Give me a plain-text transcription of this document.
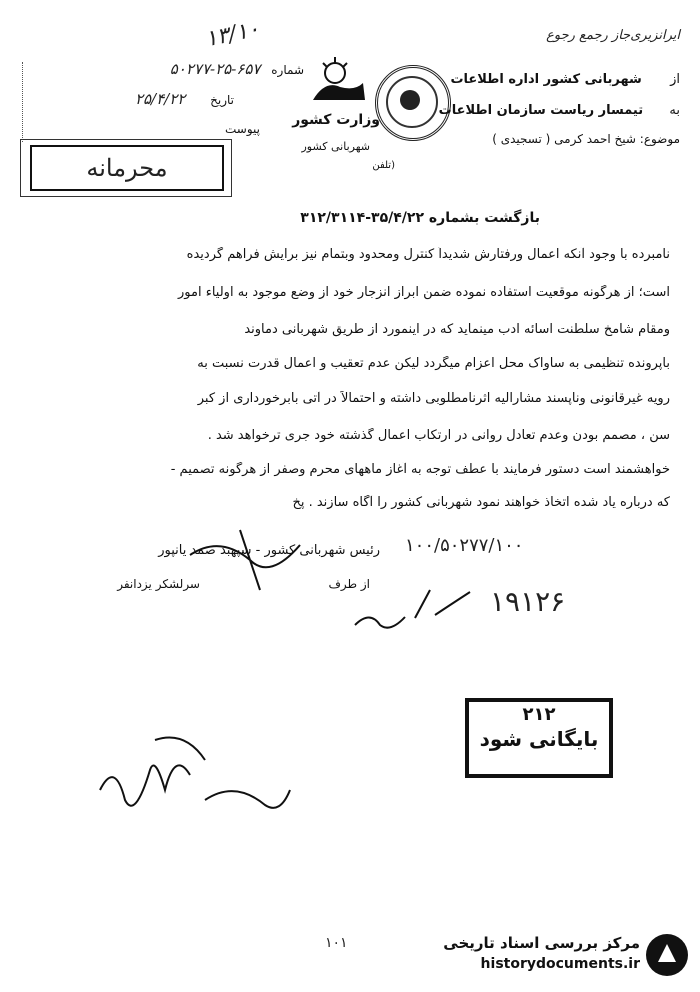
ایرانزیری‌جاز رجمع رجوع
شماره ۶۵۷-۲۵-۵۰۲۷۷
تاریخ ۲۵/۴/۲۲
پیوست
۱۳/۱۰
محرمانه
وزارت کشور
شهربانی کشور
از  شهربانی کشور اداره اطلاعات
به  تیمسار ریاست سازمان اطلاعات
موضوع: شیخ احمد کرمی ( تسجیدی )
(تلفن
بازگشت بشماره ۳۵/۴/۲۲-۳۱۲/۳۱۱۴
نامبرده با وجود آنکه اعمال ورفتارش شدیداً کنترل ومحدود وبتمام نیز برایش فراهم گردیده
است؛ از هرگونه موقعیت استفاده نموده ضمن ابراز انزجار خود از وضع موجود به اولیاء امور
ومقام شامخ سلطنت اسائه ادب مینماید که در اینمورد از طریق شهربانی دماوند
باپرونده تنظیمی به ساواک محل اعزام میگردد لیکن عدم تعقیب و اعمال قدرت نسبت به
رویه غیرقانونی وناپسند مشارالیه اثرنامطلوبی داشته و احتمالاً در آتی بابرخورداری از کبر
سن ، مصمم بودن وعدم تعادل روانی در ارتکاب اعمال گذشته خود جری ترخواهد شد .
خواهشمند است دستور فرمایند با عطف توجه به آغاز ماههای محرم وصفر از هرگونه تصمیم -
که درباره یاد شده اتخاذ خواهند نمود شهربانی کشور را آگاه سازند . پخ
رئیس شهربانی کشور - سپهبد صمد یانپور
از طرف
سرلشکر یزدانفر
۱۰۰/۵۰۲۷۷/۱۰۰
۱۹۱۲۶
۲۱۲
بایگانی شود
۱۰۱	مرکز بررسی اسناد تاریخی
historydocuments.ir
